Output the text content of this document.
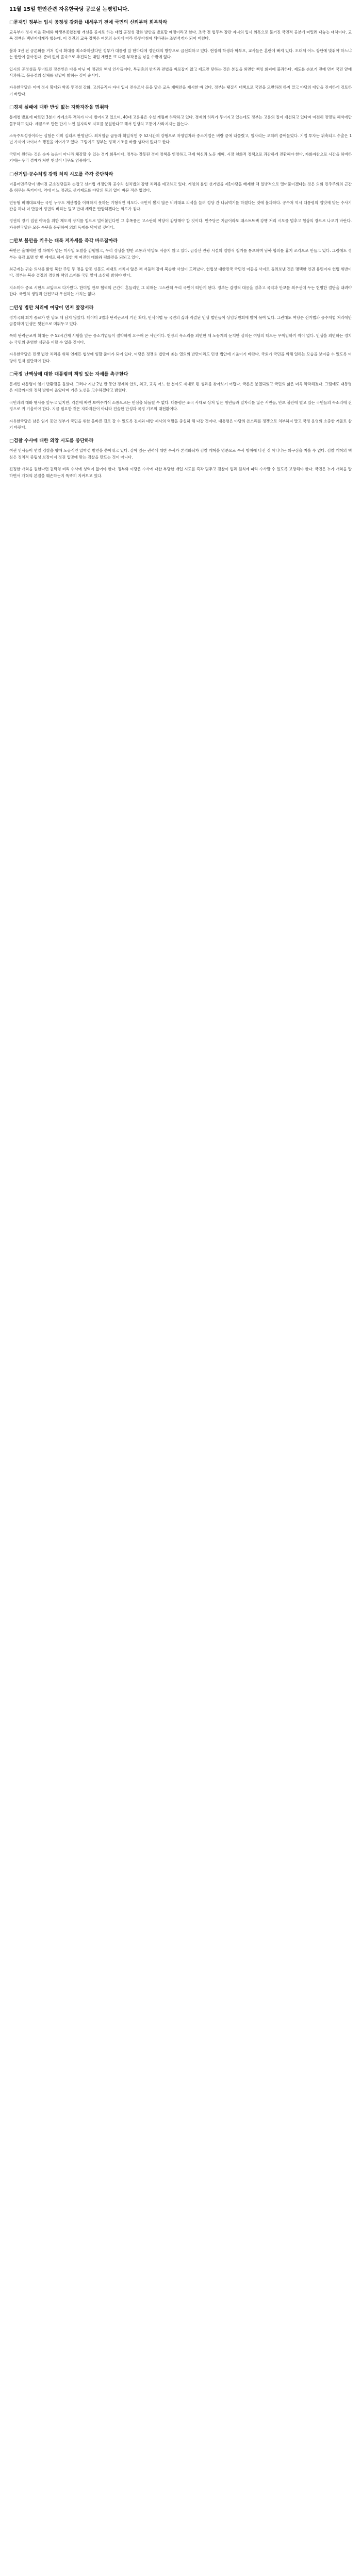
11월 15일 현안관련 자유한국당 공보실 논평입니다.
□문재인 정부는 입시 공정성 강화를 내세우기 전에 국민의 신뢰부터 회복하라

교육부가 정시 비율 확대와 학생부종합전형 개선을 골자로 하는 대입 공정성 강화 방안을 발표할 예정이라고 한다. 조국 전 법무부 장관 자녀의 입시 의혹으로 불거진 국민적 공분에 떠밀려 내놓는 대책이다. 교육 정책은 백년지대계라 했는데, 이 정권의 교육 정책은 여론의 눈치에 따라 하루아침에 뒤바뀌는 조변석개가 되어 버렸다.

불과 1년 전 공론화를 거쳐 정시 확대를 최소화하겠다던 정부가 대통령 말 한마디에 정반대의 방향으로 급선회하고 있다. 현장의 학생과 학부모, 교사들은 혼란에 빠져 있다. 도대체 어느 장단에 맞춰야 하느냐는 한탄이 쏟아진다. 준비 없이 졸속으로 추진되는 대입 개편은 또 다른 부작용을 낳을 수밖에 없다.

입시의 공정성을 무너뜨린 장본인은 다름 아닌 이 정권의 핵심 인사들이다. 특권층의 반칙과 편법을 바로잡지 않고 제도만 탓하는 것은 본질을 외면한 책임 회피에 불과하다. 제도를 손보기 전에 먼저 국민 앞에 사과하고, 불공정의 실체를 낱낱이 밝히는 것이 순서다.

자유한국당은 이미 정시 확대와 학종 투명성 강화, 고위공직자 자녀 입시 전수조사 등을 담은 교육 개혁안을 제시한 바 있다. 정부는 땜질식 대책으로 국면을 모면하려 하지 말고 야당의 대안을 진지하게 검토하기 바란다.

□경제 실패에 대한 반성 없는 자화자찬을 멈춰라

통계청 발표에 따르면 3분기 가계소득 격차가 다시 벌어지고 있으며, 40대 고용률은 수십 개월째 하락하고 있다. 경제의 허리가 무너지고 있는데도 정부는 고용의 질이 개선되고 있다며 여전히 장밋빛 해석에만 몰두하고 있다. 세금으로 만든 단기 노인 일자리로 지표를 분칠한다고 해서 민생의 고통이 사라지지는 않는다.

소득주도성장이라는 실험은 이미 실패로 판명났다. 최저임금 급등과 획일적인 주 52시간제 강행으로 자영업자와 중소기업은 벼랑 끝에 내몰렸고, 일자리는 오히려 줄어들었다. 기업 투자는 위축되고 수출은 1년 가까이 마이너스 행진을 이어가고 있다. 그럼에도 정부는 정책 기조를 바꿀 생각이 없다고 한다.

국민이 원하는 것은 숫자 놀음이 아니라 체감할 수 있는 경기 회복이다. 정부는 잘못된 경제 정책을 인정하고 규제 혁신과 노동 개혁, 시장 친화적 정책으로 과감하게 전환해야 한다. 자화자찬으로 시간을 허비하기에는 우리 경제가 처한 현실이 너무도 엄중하다.

□선거법·공수처법 강행 처리 시도를 즉각 중단하라

더불어민주당이 범여권 군소정당들과 손잡고 선거법 개정안과 공수처 설치법의 강행 처리를 예고하고 있다. 게임의 룰인 선거법을 제1야당을 배제한 채 일방적으로 밀어붙이겠다는 것은 의회 민주주의의 근간을 허무는 폭거이다. 역대 어느 정권도 선거제도를 야당의 동의 없이 바꾼 적은 없었다.

연동형 비례대표제는 국민 누구도 계산법을 이해하지 못하는 기형적인 제도다. 국민이 뽑지 않은 비례대표 의석을 늘려 정당 간 나눠먹기를 하겠다는 것에 불과하다. 공수처 역시 대통령의 입맛에 맞는 수사기관을 하나 더 만들어 정권의 비리는 덮고 반대 세력은 탄압하겠다는 의도가 짙다.

정권의 장기 집권 야욕을 위한 제도적 장치를 힘으로 밀어붙인다면 그 후폭풍은 고스란히 여당이 감당해야 할 것이다. 민주당은 지금이라도 패스트트랙 강행 처리 시도를 멈추고 협상의 장으로 나오기 바란다. 자유한국당은 모든 수단을 동원하여 의회 독재를 막아낼 것이다.

□안보 불안을 키우는 대북 저자세를 즉각 바로잡아라

북한은 올해에만 열 차례가 넘는 미사일 도발을 감행했고, 우리 정상을 향한 조롱과 막말도 서슴지 않고 있다. 금강산 관광 시설의 일방적 철거를 통보하며 남북 합의를 휴지 조각으로 만들고 있다. 그럼에도 정부는 유감 표명 한 번 제대로 하지 못한 채 여전히 대화와 평화만을 되뇌고 있다.

최근에는 귀순 의사를 밝힌 북한 주민 두 명을 합동 신문도 제대로 거치지 않은 채 서둘러 강제 북송한 사실이 드러났다. 헌법상 대한민국 국민인 이들을 사지로 돌려보낸 것은 명백한 인권 유린이자 헌법 위반이다. 정부는 북송 결정의 경위와 책임 소재를 국민 앞에 소상히 밝혀야 한다.

지소미아 종료 시한도 코앞으로 다가왔다. 한미일 안보 협력의 근간이 흔들리면 그 피해는 고스란히 우리 국민이 떠안게 된다. 정부는 감정적 대응을 멈추고 국익과 안보를 최우선에 두는 현명한 결단을 내려야 한다. 국민의 생명과 안전보다 우선하는 가치는 없다.

□민생 법안 처리에 여당이 먼저 앞장서라

정기국회 회기 종료가 한 달도 채 남지 않았다. 데이터 3법과 탄력근로제 기간 확대, 민식이법 등 국민의 삶과 직결된 민생 법안들이 상임위원회에 발이 묶여 있다. 그런데도 여당은 선거법과 공수처법 처리에만 골몰하며 민생은 뒷전으로 미뤄두고 있다.

특히 탄력근로제 확대는 주 52시간제 시행을 앞둔 중소기업들이 절박하게 요구해 온 사안이다. 현장의 목소리를 외면한 채 노동계의 눈치만 살피는 여당의 태도는 무책임하기 짝이 없다. 민생을 외면하는 정치는 국민의 준엄한 심판을 피할 수 없을 것이다.

자유한국당은 민생 법안 처리를 위해 언제든 협상에 임할 준비가 되어 있다. 여당은 정쟁용 법안에 쏟는 열의의 반만이라도 민생 법안에 기울이기 바란다. 국회가 국민을 위해 일하는 모습을 보여줄 수 있도록 여당이 먼저 결단해야 한다.

□국정 난맥상에 대한 대통령의 책임 있는 자세를 촉구한다

문재인 대통령이 임기 반환점을 돌았다. 그러나 지난 2년 반 동안 경제와 안보, 외교, 교육 어느 한 분야도 제대로 된 성과를 찾아보기 어렵다. 국론은 분열되었고 국민의 삶은 더욱 팍팍해졌다. 그럼에도 대통령은 지금까지의 정책 방향이 옳았다며 기존 노선을 고수하겠다고 밝혔다.

국민과의 대화 행사를 앞두고 있지만, 각본에 짜인 보여주기식 소통으로는 민심을 되돌릴 수 없다. 대통령은 조국 사태로 상처 입은 청년들과 일자리를 잃은 서민들, 안보 불안에 떨고 있는 국민들의 목소리에 진정으로 귀 기울여야 한다. 지금 필요한 것은 자화자찬이 아니라 진솔한 반성과 국정 기조의 대전환이다.

자유한국당은 남은 임기 동안 정부가 국민을 위한 올바른 길로 갈 수 있도록 견제와 대안 제시의 역할을 충실히 해 나갈 것이다. 대통령은 야당의 쓴소리를 정쟁으로 치부하지 말고 국정 운영의 소중한 거울로 삼기 바란다.

□검찰 수사에 대한 외압 시도를 중단하라

여권 인사들이 연일 검찰을 향해 노골적인 압박성 발언을 쏟아내고 있다. 살아 있는 권력에 대한 수사가 본격화되자 검찰 개혁을 명분으로 수사 방해에 나선 것 아니냐는 의구심을 지울 수 없다. 검찰 개혁의 핵심은 정치적 중립성 보장이지 정권 입맛에 맞는 검찰을 만드는 것이 아니다.

진정한 개혁을 원한다면 권력형 비리 수사에 성역이 없어야 한다. 정부와 여당은 수사에 대한 부당한 개입 시도를 즉각 멈추고 검찰이 법과 원칙에 따라 수사할 수 있도록 보장해야 한다. 국민은 누가 개혁을 말하면서 개혁의 본질을 훼손하는지 똑똑히 지켜보고 있다.
